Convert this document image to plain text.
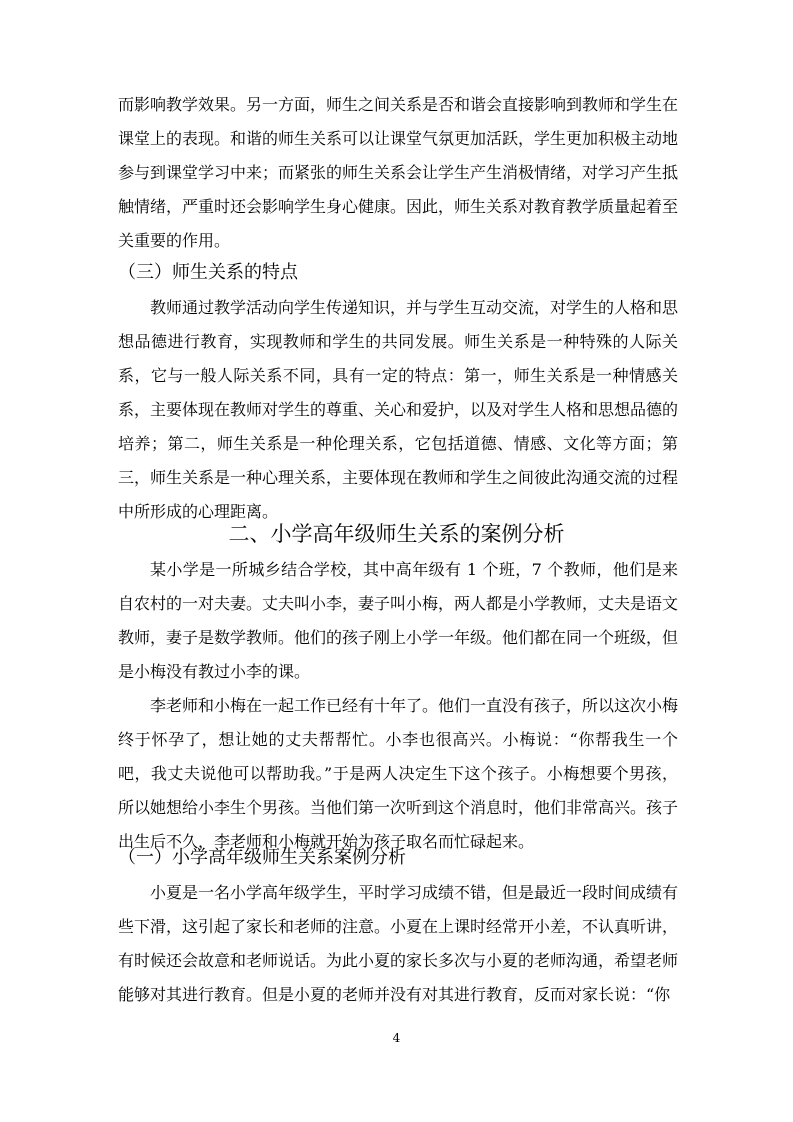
而影响教学效果。另一方面，师生之间关系是否和谐会直接影响到教师和学生在课堂上的表现。和谐的师生关系可以让课堂气氛更加活跃，学生更加积极主动地参与到课堂学习中来；而紧张的师生关系会让学生产生消极情绪，对学习产生抵触情绪，严重时还会影响学生身心健康。因此，师生关系对教育教学质量起着至关重要的作用。

（三）师生关系的特点

教师通过教学活动向学生传递知识，并与学生互动交流，对学生的人格和思想品德进行教育，实现教师和学生的共同发展。师生关系是一种特殊的人际关系，它与一般人际关系不同，具有一定的特点：第一，师生关系是一种情感关系，主要体现在教师对学生的尊重、关心和爱护，以及对学生人格和思想品德的培养；第二，师生关系是一种伦理关系，它包括道德、情感、文化等方面；第三，师生关系是一种心理关系，主要体现在教师和学生之间彼此沟通交流的过程中所形成的心理距离。

二、小学高年级师生关系的案例分析

某小学是一所城乡结合学校，其中高年级有 1 个班，7 个教师，他们是来自农村的一对夫妻。丈夫叫小李，妻子叫小梅，两人都是小学教师，丈夫是语文教师，妻子是数学教师。他们的孩子刚上小学一年级。他们都在同一个班级，但是小梅没有教过小李的课。

李老师和小梅在一起工作已经有十年了。他们一直没有孩子，所以这次小梅终于怀孕了，想让她的丈夫帮帮忙。小李也很高兴。小梅说：“你帮我生一个吧，我丈夫说他可以帮助我。”于是两人决定生下这个孩子。小梅想要个男孩，所以她想给小李生个男孩。当他们第一次听到这个消息时，他们非常高兴。孩子出生后不久，李老师和小梅就开始为孩子取名而忙碌起来。

（一）小学高年级师生关系案例分析

小夏是一名小学高年级学生，平时学习成绩不错，但是最近一段时间成绩有些下滑，这引起了家长和老师的注意。小夏在上课时经常开小差，不认真听讲，有时候还会故意和老师说话。为此小夏的家长多次与小夏的老师沟通，希望老师能够对其进行教育。但是小夏的老师并没有对其进行教育，反而对家长说：“你

4
